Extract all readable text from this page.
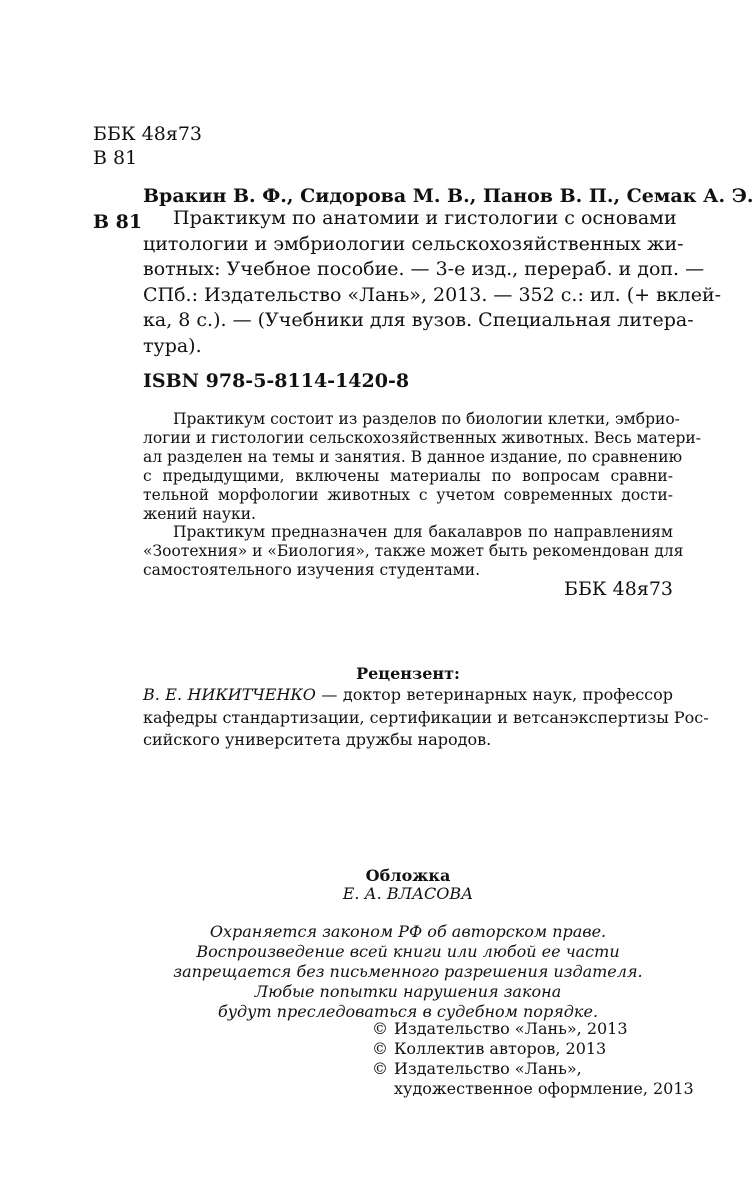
ББК 48я73
В 81
Вракин В. Ф., Сидорова М. В., Панов В. П., Семак А. Э.
В 81	Практикум по анатомии и гистологии с основами
цитологии и эмбриологии сельскохозяйственных жи-
вотных: Учебное пособие. — 3-е изд., перераб. и доп. —
СПб.: Издательство «Лань», 2013. — 352 с.: ил. (+ вклей-
ка, 8 с.). — (Учебники для вузов. Специальная литера-
тура).
ISBN 978-5-8114-1420-8
Практикум состоит из разделов по биологии клетки, эмбрио-
логии и гистологии сельскохозяйственных животных. Весь матери-
ал разделен на темы и занятия. В данное издание, по сравнению
с предыдущими, включены материалы по вопросам сравни-
тельной морфологии животных с учетом современных дости-
жений науки.
Практикум предназначен для бакалавров по направлениям
«Зоотехния» и «Биология», также может быть рекомендован для
самостоятельного изучения студентами.
ББК 48я73
Рецензент:
В. Е. НИКИТЧЕНКО — доктор ветеринарных наук, профессор
кафедры стандартизации, сертификации и ветсанэкспертизы Рос-
сийского университета дружбы народов.
Обложка
Е. А. ВЛАСОВА
Охраняется законом РФ об авторском праве.
Воспроизведение всей книги или любой ее части
запрещается без письменного разрешения издателя.
Любые попытки нарушения закона
будут преследоваться в судебном порядке.
© Издательство «Лань», 2013
© Коллектив авторов, 2013
© Издательство «Лань»,
художественное оформление, 2013
